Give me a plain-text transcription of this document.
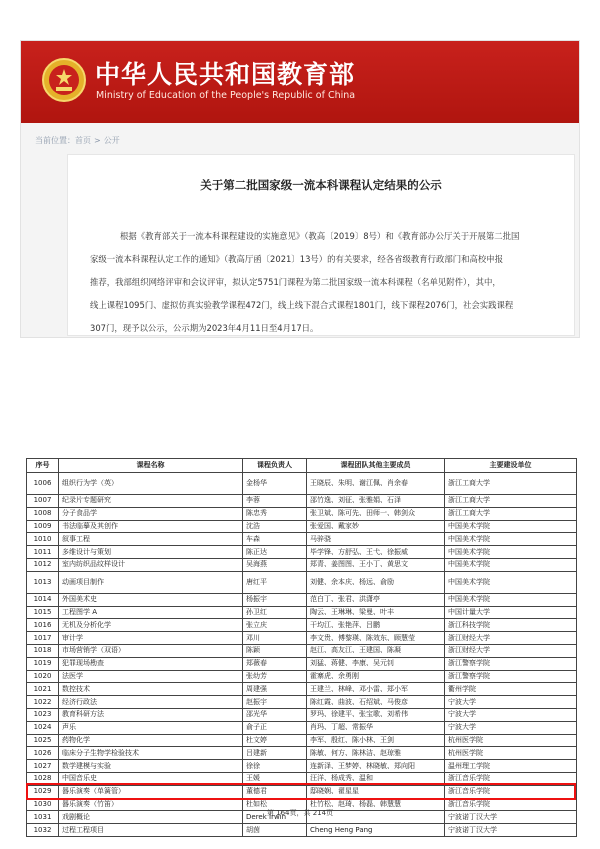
中华人民共和国教育部
Ministry of Education of the People's Republic of China
当前位置：首页 > 公开
关于第二批国家级一流本科课程认定结果的公示
根据《教育部关于一流本科课程建设的实施意见》（教高〔2019〕8号）和《教育部办公厅关于开展第二批国
家级一流本科课程认定工作的通知》（教高厅函〔2021〕13号）的有关要求，经各省级教育行政部门和高校申报
推荐，我部组织网络评审和会议评审，拟认定5751门课程为第二批国家级一流本科课程（名单见附件），其中，
线上课程1095门、虚拟仿真实验教学课程472门，线上线下混合式课程1801门，线下课程2076门，社会实践课程
307门，现予以公示，公示期为2023年4月11日至4月17日。
序号	课程名称	课程负责人	课程团队其他主要成员	主要建设单位
1006	组织行为学（英）	金杨华	王晓辰、朱明、谢江佩、肖余春	浙江工商大学
1007	纪录片专题研究	李蓉	邵竹逸、刘征、张雅娟、石泽	浙江工商大学
1008	分子食品学	陈忠秀	张卫斌、陈可先、田师一、韩剑众	浙江工商大学
1009	书法临摹及其创作	沈浩	张爱国、戴家妙	中国美术学院
1010	叙事工程	车森	马骍骁	中国美术学院
1011	多维设计与策划	陈正达	毕学锋、方舒弘、王弋、徐振威	中国美术学院
1012	室内纺织品纹样设计	吴海燕	郑青、姜图图、王小丁、黄思文	中国美术学院
1013	动画项目制作	唐红平	刘健、余本庆、杨远、俞励	中国美术学院
1014	外国美术史	杨振宇	范白丁、张君、洪潇亭	中国美术学院
1015	工程图学 A	孙卫红	陶云、王琳琳、梁曼、叶丰	中国计量大学
1016	无机及分析化学	张立庆	干均江、张艳萍、吕鹏	浙江科技学院
1017	审计学	邓川	李文贵、傅黎瑛、陈效东、顾慧莹	浙江财经大学
1018	市场营销学（双语）	陈颖	赵江、高友江、王建国、陈凝	浙江财经大学
1019	犯罪现场勘查	郑薇春	刘猛、蒋健、李康、吴元钊	浙江警察学院
1020	法医学	张幼芳	霍寨虎、余勇刚	浙江警察学院
1021	数控技术	周建强	王建兰、林峰、邓小雷、郑小军	衢州学院
1022	经济行政法	赵振宇	陈红霞、曲波、石绍斌、马俊彦	宁波大学
1023	教育科研方法	邵光华	罗玛、徐建平、张宝歌、刘希伟	宁波大学
1024	声乐	俞子正	肖玛、丁超、常振华	宁波大学
1025	药物化学	杜文婷	李军、殷红、陈小林、王剑	杭州医学院
1026	临床分子生物学检验技术	吕建新	陈敏、何方、陈林洁、赵琼雅	杭州医学院
1027	数学建模与实验	徐徐	连新泽、王梦婷、林晓敏、郑向阳	温州理工学院
1028	中国音乐史	王媛	汪洋、杨成秀、温和	浙江音乐学院
1029	器乐演奏（单簧管）	董德君	邸晓娴、翟星星	浙江音乐学院
1030	器乐演奏（竹笛）	杜如松	杜竹松、赵琦、杨磊、韩慧慧	浙江音乐学院
1031	戏剧概论	Derek Irwin		宁波诺丁汉大学
1032	过程工程项目	胡茵	Cheng Heng Pang	宁波诺丁汉大学
第 164页，共 214页
